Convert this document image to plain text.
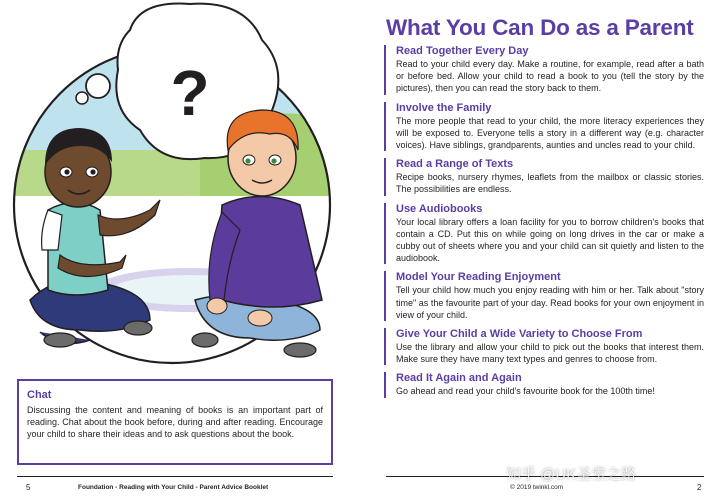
?
Chat
Discussing the content and meaning of books is an important part of reading. Chat about the book before, during and after reading. Encourage your child to share their ideas and to ask questions about the book.
5	Foundation - Reading with Your Child - Parent Advice Booklet
What You Can Do as a Parent
Read Together Every Day
Read to your child every day. Make a routine, for example, read after a bath or before bed. Allow your child to read a book to you (tell the story by the pictures), then you can read the story back to them.
Involve the Family
The more people that read to your child, the more literacy experiences they will be exposed to. Everyone tells a story in a different way (e.g. character voices). Have siblings, grandparents, aunties and uncles read to your child.
Read a Range of Texts
Recipe books, nursery rhymes, leaflets from the mailbox or classic stories. The possibilities are endless.
Use Audiobooks
Your local library offers a loan facility for you to borrow children's books that contain a CD. Put this on while going on long drives in the car or make a cubby out of sheets where you and your child can sit quietly and listen to the audiobook.
Model Your Reading Enjoyment
Tell your child how much you enjoy reading with him or her. Talk about "story time" as the favourite part of your day. Read books for your own enjoyment in view of your child.
Give Your Child a Wide Variety to Choose From
Use the library and allow your child to pick out the books that interest them. Make sure they have many text types and genres to choose from.
Read It Again and Again
Go ahead and read your child's favourite book for the 100th time!
© 2019 twinkl.com	2
知乎 @UK圣堂之路
